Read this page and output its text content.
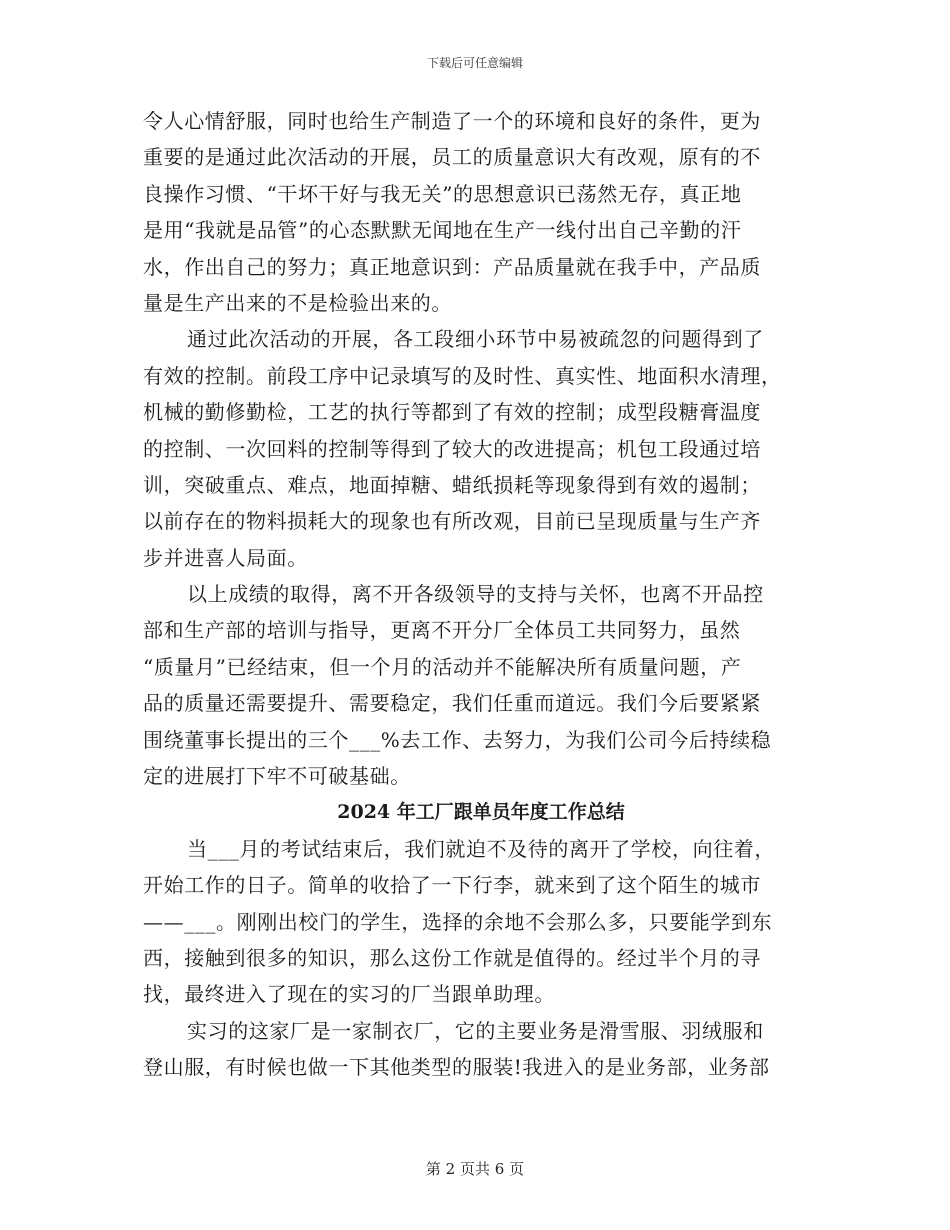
下载后可任意编辑
令人心情舒服，同时也给生产制造了一个的环境和良好的条件，更为
重要的是通过此次活动的开展，员工的质量意识大有改观，原有的不
良操作习惯、“干坏干好与我无关”的思想意识已荡然无存，真正地
是用“我就是品管”的心态默默无闻地在生产一线付出自己辛勤的汗
水，作出自己的努力；真正地意识到：产品质量就在我手中，产品质
量是生产出来的不是检验出来的。
通过此次活动的开展，各工段细小环节中易被疏忽的问题得到了
有效的控制。前段工序中记录填写的及时性、真实性、地面积水清理，
机械的勤修勤检，工艺的执行等都到了有效的控制；成型段糖膏温度
的控制、一次回料的控制等得到了较大的改进提高；机包工段通过培
训，突破重点、难点，地面掉糖、蜡纸损耗等现象得到有效的遏制；
以前存在的物料损耗大的现象也有所改观，目前已呈现质量与生产齐
步并进喜人局面。
以上成绩的取得，离不开各级领导的支持与关怀，也离不开品控
部和生产部的培训与指导，更离不开分厂全体员工共同努力，虽然
“质量月”已经结束，但一个月的活动并不能解决所有质量问题，产
品的质量还需要提升、需要稳定，我们任重而道远。我们今后要紧紧
围绕董事长提出的三个___%去工作、去努力，为我们公司今后持续稳
定的进展打下牢不可破基础。
2024 年工厂跟单员年度工作总结
当___月的考试结束后，我们就迫不及待的离开了学校，向往着，
开始工作的日子。简单的收拾了一下行李，就来到了这个陌生的城市
——___。刚刚出校门的学生，选择的余地不会那么多，只要能学到东
西，接触到很多的知识，那么这份工作就是值得的。经过半个月的寻
找，最终进入了现在的实习的厂当跟单助理。
实习的这家厂是一家制衣厂，它的主要业务是滑雪服、羽绒服和
登山服，有时候也做一下其他类型的服装!我进入的是业务部，业务部
第 2 页共 6 页
